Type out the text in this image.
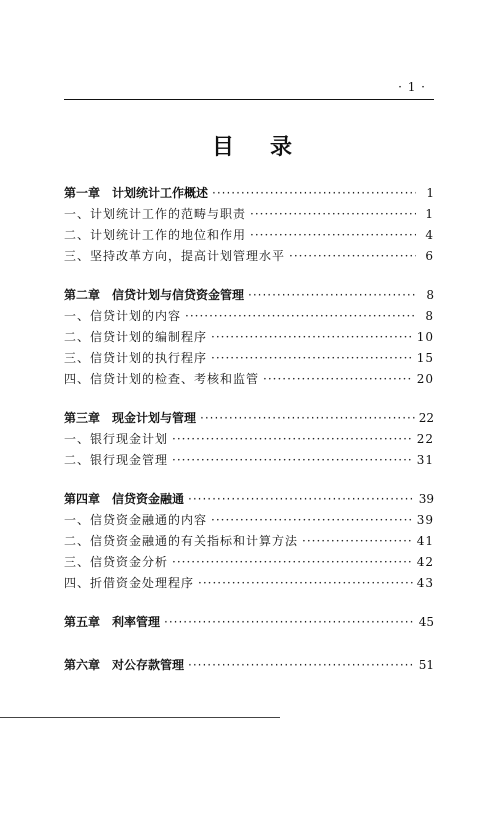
· 1 ·
目录
第一章 计划统计工作概述 ·····	1
一、计划统计工作的范畴与职责 ·····	1
二、计划统计工作的地位和作用 ·····	4
三、坚持改革方向，提高计划管理水平 ·····	6
第二章 信贷计划与信贷资金管理 ·····	8
一、信贷计划的内容 ·····	8
二、信贷计划的编制程序 ·····	10
三、信贷计划的执行程序 ·····	15
四、信贷计划的检查、考核和监管 ·····	20
第三章 现金计划与管理 ·····	22
一、银行现金计划 ·····	22
二、银行现金管理 ·····	31
第四章 信贷资金融通 ·····	39
一、信贷资金融通的内容 ·····	39
二、信贷资金融通的有关指标和计算方法 ·····	41
三、信贷资金分析 ·····	42
四、折借资金处理程序 ·····	43
第五章 利率管理 ·····	45
第六章 对公存款管理 ·····	51
